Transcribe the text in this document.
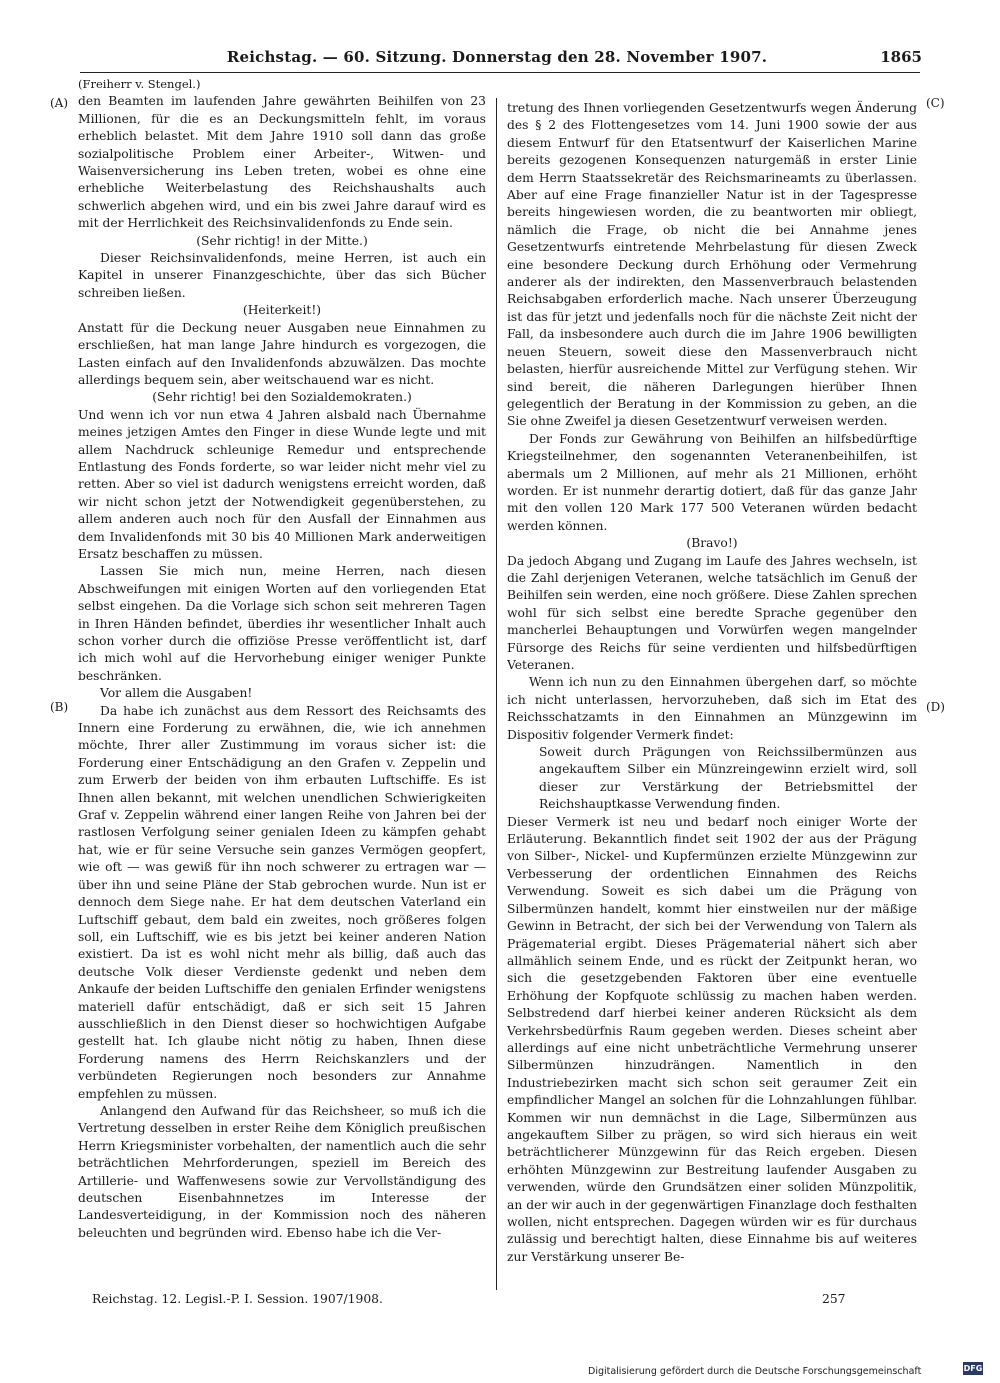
Reichstag. — 60. Sitzung. Donnerstag den 28. November 1907.	1865
(A)
(B)
(C)
(D)

(Freiherr v. Stengel.)

den Beamten im laufenden Jahre gewährten Beihilfen von 23 Millionen, für die es an Deckungsmitteln fehlt, im voraus erheblich belastet. Mit dem Jahre 1910 soll dann das große sozialpolitische Problem einer Arbeiter-, Witwen- und Waisenversicherung ins Leben treten, wobei es ohne eine erhebliche Weiterbelastung des Reichshaushalts auch schwerlich abgehen wird, und ein bis zwei Jahre darauf wird es mit der Herrlichkeit des Reichsinvalidenfonds zu Ende sein.

(Sehr richtig! in der Mitte.)

Dieser Reichsinvalidenfonds, meine Herren, ist auch ein Kapitel in unserer Finanzgeschichte, über das sich Bücher schreiben ließen.

(Heiterkeit!)

Anstatt für die Deckung neuer Ausgaben neue Einnahmen zu erschließen, hat man lange Jahre hindurch es vorgezogen, die Lasten einfach auf den Invalidenfonds abzuwälzen. Das mochte allerdings bequem sein, aber weitschauend war es nicht.

(Sehr richtig! bei den Sozialdemokraten.)

Und wenn ich vor nun etwa 4 Jahren alsbald nach Übernahme meines jetzigen Amtes den Finger in diese Wunde legte und mit allem Nachdruck schleunige Remedur und entsprechende Entlastung des Fonds forderte, so war leider nicht mehr viel zu retten. Aber so viel ist dadurch wenigstens erreicht worden, daß wir nicht schon jetzt der Notwendigkeit gegenüberstehen, zu allem anderen auch noch für den Ausfall der Einnahmen aus dem Invalidenfonds mit 30 bis 40 Millionen Mark anderweitigen Ersatz beschaffen zu müssen.

Lassen Sie mich nun, meine Herren, nach diesen Abschweifungen mit einigen Worten auf den vorliegenden Etat selbst eingehen. Da die Vorlage sich schon seit mehreren Tagen in Ihren Händen befindet, überdies ihr wesentlicher Inhalt auch schon vorher durch die offiziöse Presse veröffentlicht ist, darf ich mich wohl auf die Hervorhebung einiger weniger Punkte beschränken.

Vor allem die Ausgaben!

Da habe ich zunächst aus dem Ressort des Reichsamts des Innern eine Forderung zu erwähnen, die, wie ich annehmen möchte, Ihrer aller Zustimmung im voraus sicher ist: die Forderung einer Entschädigung an den Grafen v. Zeppelin und zum Erwerb der beiden von ihm erbauten Luftschiffe. Es ist Ihnen allen bekannt, mit welchen unendlichen Schwierigkeiten Graf v. Zeppelin während einer langen Reihe von Jahren bei der rastlosen Verfolgung seiner genialen Ideen zu kämpfen gehabt hat, wie er für seine Versuche sein ganzes Vermögen geopfert, wie oft — was gewiß für ihn noch schwerer zu ertragen war — über ihn und seine Pläne der Stab gebrochen wurde. Nun ist er dennoch dem Siege nahe. Er hat dem deutschen Vaterland ein Luftschiff gebaut, dem bald ein zweites, noch größeres folgen soll, ein Luftschiff, wie es bis jetzt bei keiner anderen Nation existiert. Da ist es wohl nicht mehr als billig, daß auch das deutsche Volk dieser Verdienste gedenkt und neben dem Ankaufe der beiden Luftschiffe den genialen Erfinder wenigstens materiell dafür entschädigt, daß er sich seit 15 Jahren ausschließlich in den Dienst dieser so hochwichtigen Aufgabe gestellt hat. Ich glaube nicht nötig zu haben, Ihnen diese Forderung namens des Herrn Reichskanzlers und der verbündeten Regierungen noch besonders zur Annahme empfehlen zu müssen.

Anlangend den Aufwand für das Reichsheer, so muß ich die Vertretung desselben in erster Reihe dem Königlich preußischen Herrn Kriegsminister vorbehalten, der namentlich auch die sehr beträchtlichen Mehrforderungen, speziell im Bereich des Artillerie- und Waffenwesens sowie zur Vervollständigung des deutschen Eisenbahnnetzes im Interesse der Landesverteidigung, in der Kommission noch des näheren beleuchten und begründen wird. Ebenso habe ich die Ver-

tretung des Ihnen vorliegenden Gesetzentwurfs wegen Änderung des § 2 des Flottengesetzes vom 14. Juni 1900 sowie der aus diesem Entwurf für den Etatsentwurf der Kaiserlichen Marine bereits gezogenen Konsequenzen naturgemäß in erster Linie dem Herrn Staatssekretär des Reichsmarineamts zu überlassen. Aber auf eine Frage finanzieller Natur ist in der Tagespresse bereits hingewiesen worden, die zu beantworten mir obliegt, nämlich die Frage, ob nicht die bei Annahme jenes Gesetzentwurfs eintretende Mehrbelastung für diesen Zweck eine besondere Deckung durch Erhöhung oder Vermehrung anderer als der indirekten, den Massenverbrauch belastenden Reichsabgaben erforderlich mache. Nach unserer Überzeugung ist das für jetzt und jedenfalls noch für die nächste Zeit nicht der Fall, da insbesondere auch durch die im Jahre 1906 bewilligten neuen Steuern, soweit diese den Massenverbrauch nicht belasten, hierfür ausreichende Mittel zur Verfügung stehen. Wir sind bereit, die näheren Darlegungen hierüber Ihnen gelegentlich der Beratung in der Kommission zu geben, an die Sie ohne Zweifel ja diesen Gesetzentwurf verweisen werden.

Der Fonds zur Gewährung von Beihilfen an hilfsbedürftige Kriegsteilnehmer, den sogenannten Veteranenbeihilfen, ist abermals um 2 Millionen, auf mehr als 21 Millionen, erhöht worden. Er ist nunmehr derartig dotiert, daß für das ganze Jahr mit den vollen 120 Mark 177 500 Veteranen würden bedacht werden können.

(Bravo!)

Da jedoch Abgang und Zugang im Laufe des Jahres wechseln, ist die Zahl derjenigen Veteranen, welche tatsächlich im Genuß der Beihilfen sein werden, eine noch größere. Diese Zahlen sprechen wohl für sich selbst eine beredte Sprache gegenüber den mancherlei Behauptungen und Vorwürfen wegen mangelnder Fürsorge des Reichs für seine verdienten und hilfsbedürftigen Veteranen.

Wenn ich nun zu den Einnahmen übergehen darf, so möchte ich nicht unterlassen, hervorzuheben, daß sich im Etat des Reichsschatzamts in den Einnahmen an Münzgewinn im Dispositiv folgender Vermerk findet:

Soweit durch Prägungen von Reichssilbermünzen aus angekauftem Silber ein Münzreingewinn erzielt wird, soll dieser zur Verstärkung der Betriebsmittel der Reichshauptkasse Verwendung finden.

Dieser Vermerk ist neu und bedarf noch einiger Worte der Erläuterung. Bekanntlich findet seit 1902 der aus der Prägung von Silber-, Nickel- und Kupfermünzen erzielte Münzgewinn zur Verbesserung der ordentlichen Einnahmen des Reichs Verwendung. Soweit es sich dabei um die Prägung von Silbermünzen handelt, kommt hier einstweilen nur der mäßige Gewinn in Betracht, der sich bei der Verwendung von Talern als Prägematerial ergibt. Dieses Prägematerial nähert sich aber allmählich seinem Ende, und es rückt der Zeitpunkt heran, wo sich die gesetzgebenden Faktoren über eine eventuelle Erhöhung der Kopfquote schlüssig zu machen haben werden. Selbstredend darf hierbei keiner anderen Rücksicht als dem Verkehrsbedürfnis Raum gegeben werden. Dieses scheint aber allerdings auf eine nicht unbeträchtliche Vermehrung unserer Silbermünzen hinzudrängen. Namentlich in den Industriebezirken macht sich schon seit geraumer Zeit ein empfindlicher Mangel an solchen für die Lohnzahlungen fühlbar. Kommen wir nun demnächst in die Lage, Silbermünzen aus angekauftem Silber zu prägen, so wird sich hieraus ein weit beträchtlicherer Münzgewinn für das Reich ergeben. Diesen erhöhten Münzgewinn zur Bestreitung laufender Ausgaben zu verwenden, würde den Grundsätzen einer soliden Münzpolitik, an der wir auch in der gegenwärtigen Finanzlage doch festhalten wollen, nicht entsprechen. Dagegen würden wir es für durchaus zulässig und berechtigt halten, diese Einnahme bis auf weiteres zur Verstärkung unserer Be-

Reichstag. 12. Legisl.-P. I. Session. 1907/1908.	257
Digitalisierung gefördert durch die Deutsche Forschungsgemeinschaft	DFG
